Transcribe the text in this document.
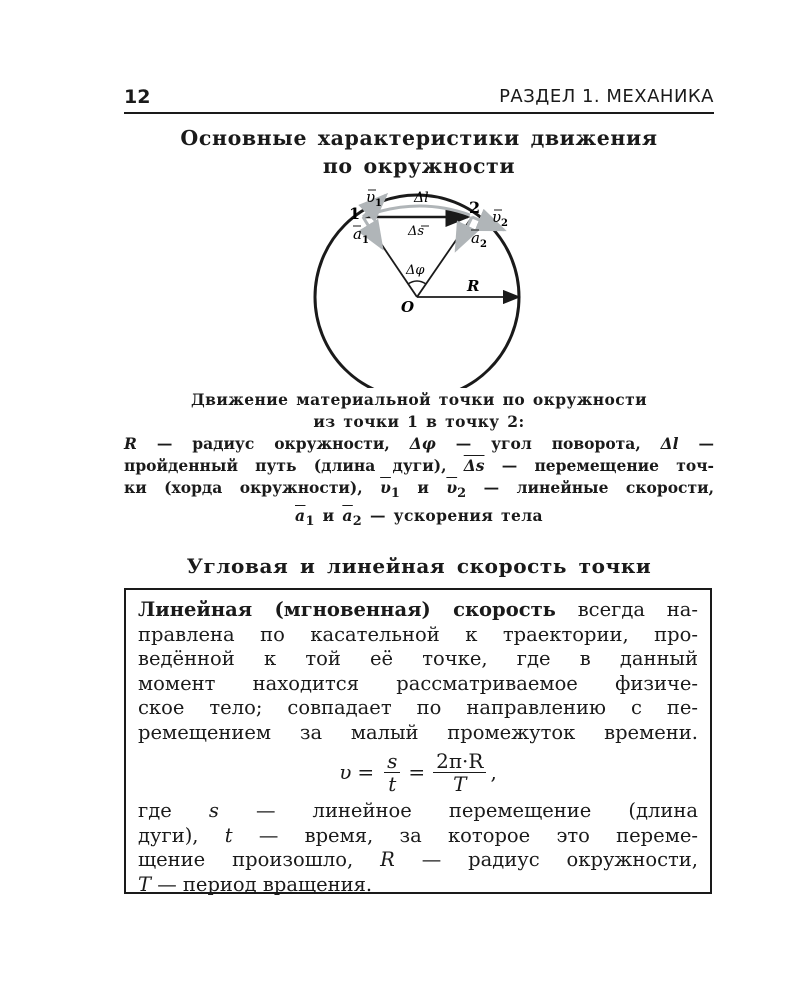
12	РАЗДЕЛ 1. МЕХАНИКА
Основные характеристики движения
по окружности
1	2
υ 1
υ 2
a 1	a 2
Δl
Δs
Δφ
O
R
Движение материальной точки по окружности
из точки 1 в точку 2:
R — радиус окружности, Δφ — угол поворота, Δl —
пройденный путь (длина дуги), $\overline{\Delta s}$ — перемещение точ-
ки (хорда окружности), $\overline{\upsilon}_1$ и $\overline{\upsilon}_2$ — линейные скорости,
$\overline{a}_1$ и $\overline{a}_2$ — ускорения тела
Угловая и линейная скорость точки
Линейная (мгновенная) скорость всегда на-
правлена по касательной к траектории, про-
ведённой к той её точке, где в данный
момент находится рассматриваемое физиче-
ское тело; совпадает по направлению с пе-
ремещением за малый промежуток времени.
$\upsilon = \frac{s}{t} = \frac{2\pi\cdot R}{T}$ ,
где s — линейное перемещение (длина
дуги), t — время, за которое это переме-
щение произошло, R — радиус окружности,
T — период вращения.
